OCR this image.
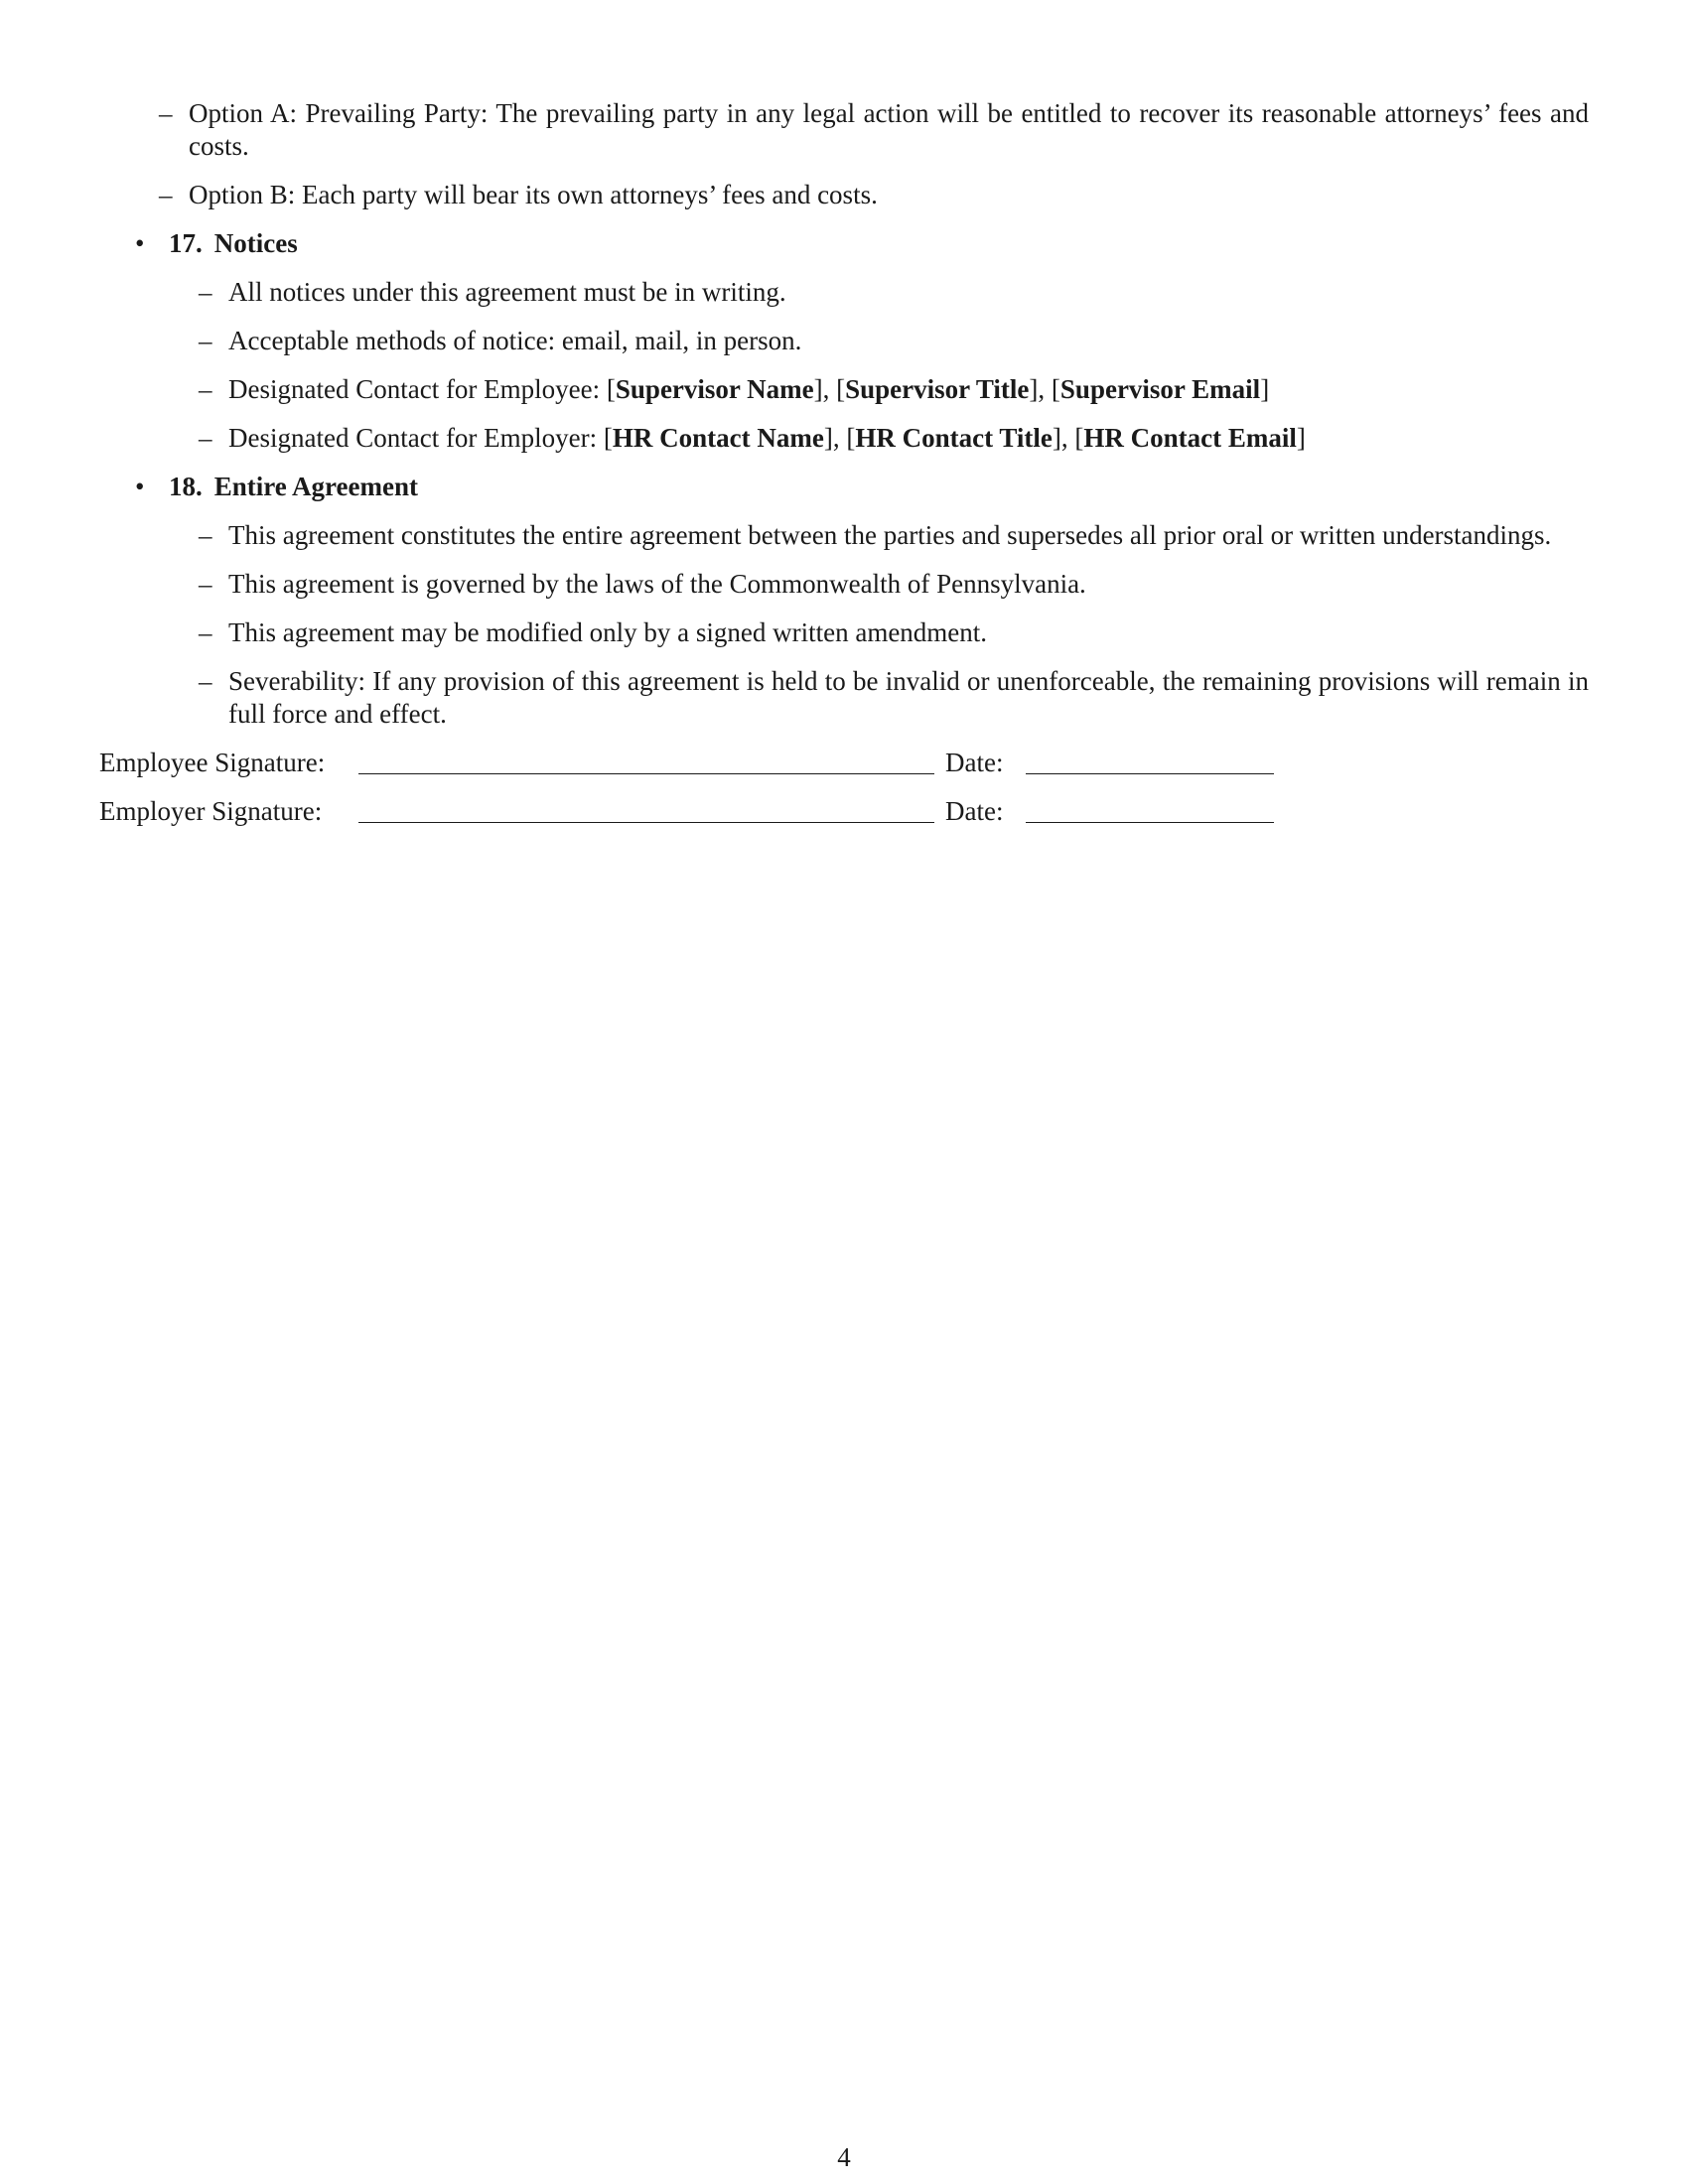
– Option A: Prevailing Party: The prevailing party in any legal action will be entitled to recover its reasonable attorneys’ fees and costs.
– Option B: Each party will bear its own attorneys’ fees and costs.
• 17. Notices
– All notices under this agreement must be in writing.
– Acceptable methods of notice: email, mail, in person.
– Designated Contact for Employee: [Supervisor Name], [Supervisor Title], [Supervisor Email]
– Designated Contact for Employer: [HR Contact Name], [HR Contact Title], [HR Contact Email]
• 18. Entire Agreement
– This agreement constitutes the entire agreement between the parties and supersedes all prior oral or written understandings.
– This agreement is governed by the laws of the Commonwealth of Pennsylvania.
– This agreement may be modified only by a signed written amendment.
– Severability: If any provision of this agreement is held to be invalid or unenforceable, the remaining provisions will remain in full force and effect.
Employee Signature:	Date:
Employer Signature:	Date:
4
